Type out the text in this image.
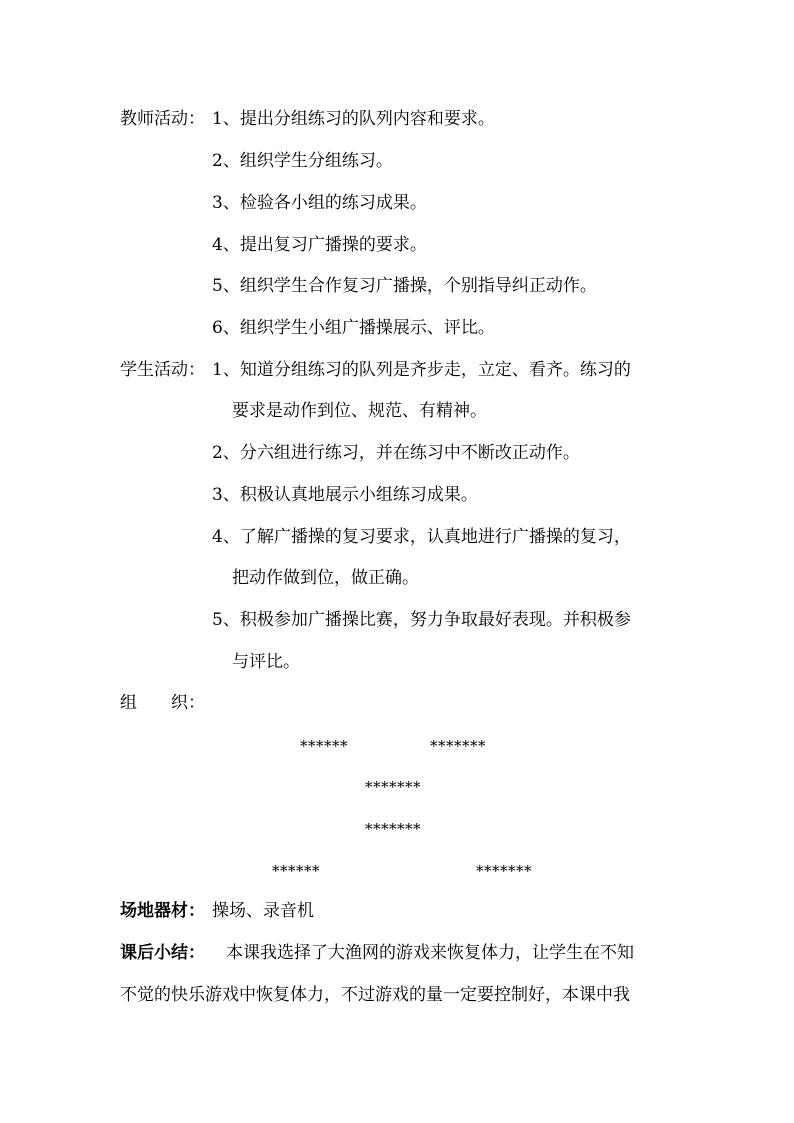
教师活动： 1、提出分组练习的队列内容和要求。
2、组织学生分组练习。
3、检验各小组的练习成果。
4、提出复习广播操的要求。
5、组织学生合作复习广播操，个别指导纠正动作。
6、组织学生小组广播操展示、评比。
学生活动： 1、知道分组练习的队列是齐步走，立定、看齐。练习的
要求是动作到位、规范、有精神。
2、分六组进行练习，并在练习中不断改正动作。
3、积极认真地展示小组练习成果。
4、了解广播操的复习要求，认真地进行广播操的复习，
把动作做到位，做正确。
5、积极参加广播操比赛，努力争取最好表现。并积极参
与评比。
组　　织：
******	*******
*******
*******
******	*******
场地器材： 操场、录音机
课后小结： 本课我选择了大渔网的游戏来恢复体力，让学生在不知
不觉的快乐游戏中恢复体力，不过游戏的量一定要控制好，本课中我
